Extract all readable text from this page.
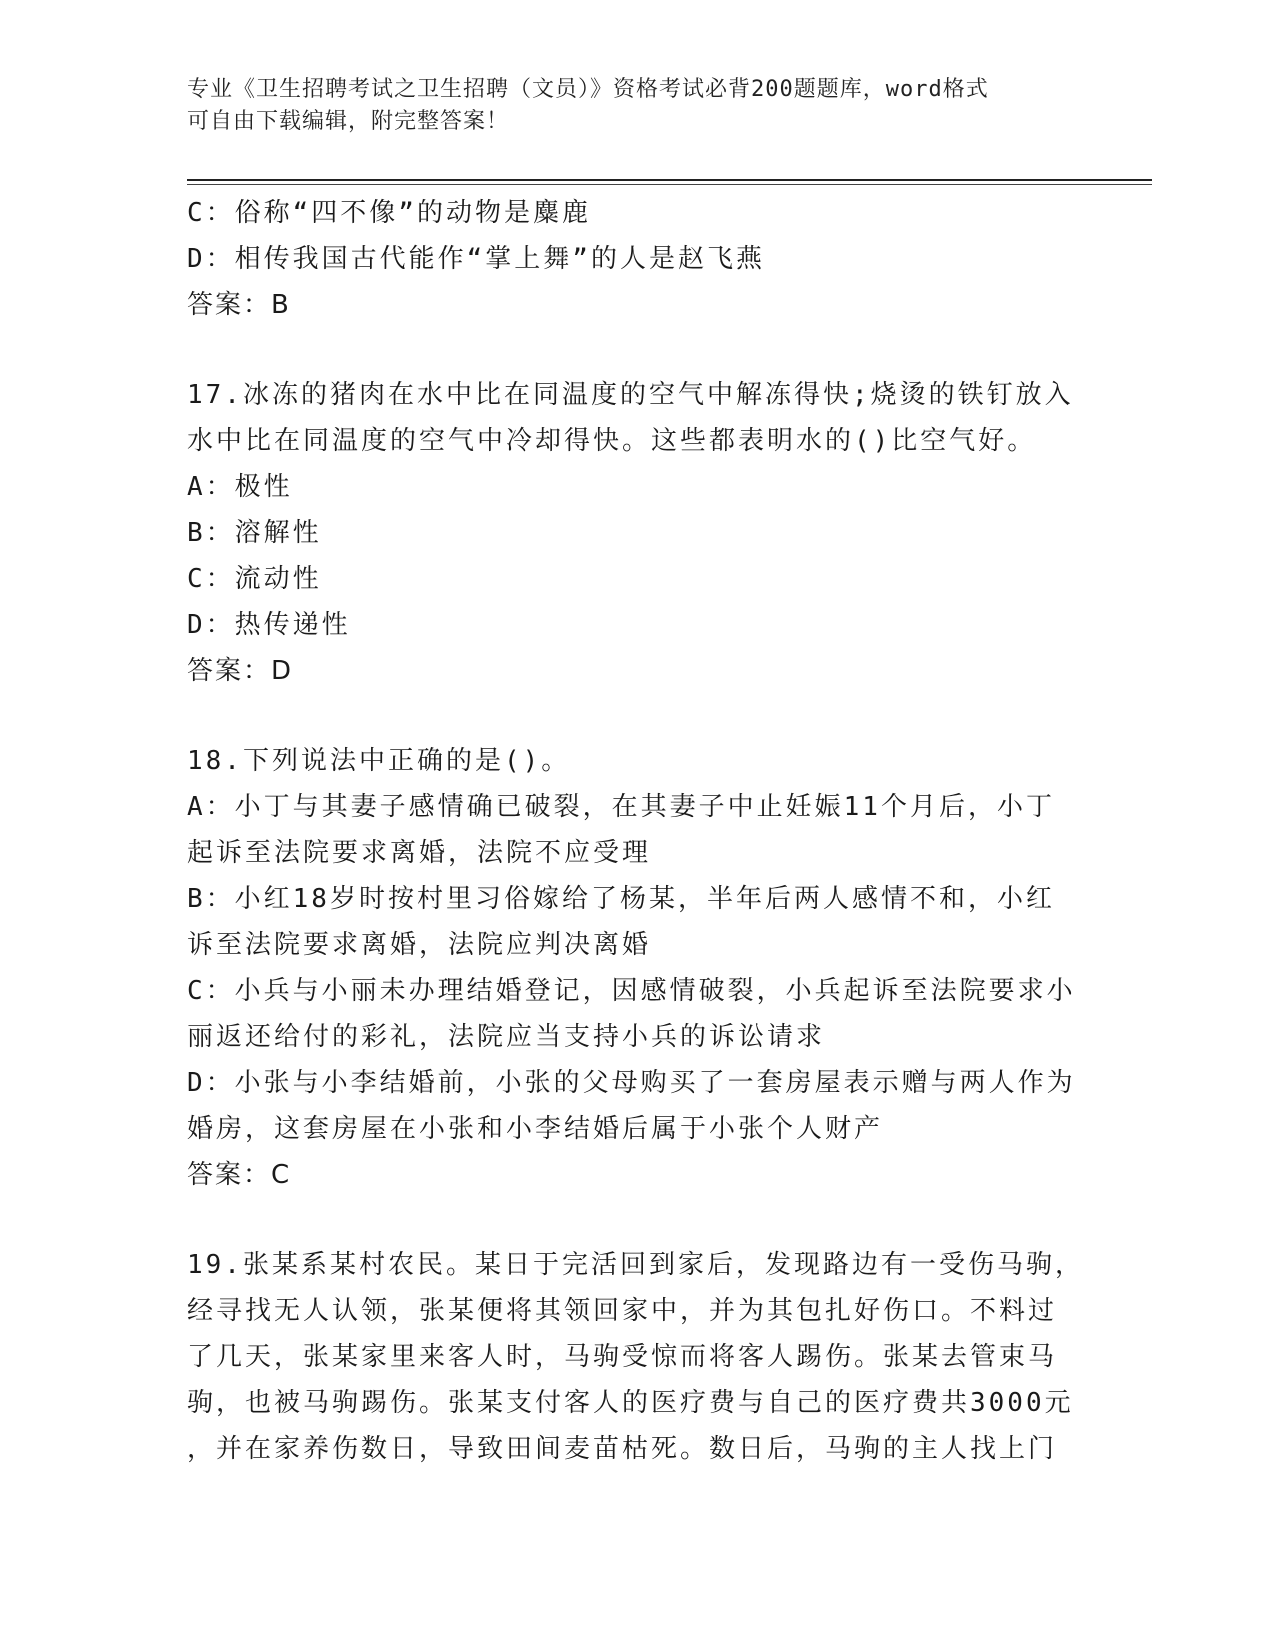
专业《卫生招聘考试之卫生招聘（文员）》资格考试必背200题题库，word格式
可自由下载编辑，附完整答案！
C：俗称“四不像”的动物是麋鹿
D：相传我国古代能作“掌上舞”的人是赵飞燕
答案：B
17.冰冻的猪肉在水中比在同温度的空气中解冻得快;烧烫的铁钉放入
水中比在同温度的空气中冷却得快。这些都表明水的()比空气好。
A：极性
B：溶解性
C：流动性
D：热传递性
答案：D
18.下列说法中正确的是()。
A：小丁与其妻子感情确已破裂，在其妻子中止妊娠11个月后，小丁
起诉至法院要求离婚，法院不应受理
B：小红18岁时按村里习俗嫁给了杨某，半年后两人感情不和，小红
诉至法院要求离婚，法院应判决离婚
C：小兵与小丽未办理结婚登记，因感情破裂，小兵起诉至法院要求小
丽返还给付的彩礼，法院应当支持小兵的诉讼请求
D：小张与小李结婚前，小张的父母购买了一套房屋表示赠与两人作为
婚房，这套房屋在小张和小李结婚后属于小张个人财产
答案：C
19.张某系某村农民。某日于完活回到家后，发现路边有一受伤马驹，
经寻找无人认领，张某便将其领回家中，并为其包扎好伤口。不料过
了几天，张某家里来客人时，马驹受惊而将客人踢伤。张某去管束马
驹，也被马驹踢伤。张某支付客人的医疗费与自己的医疗费共3000元
，并在家养伤数日，导致田间麦苗枯死。数日后，马驹的主人找上门
